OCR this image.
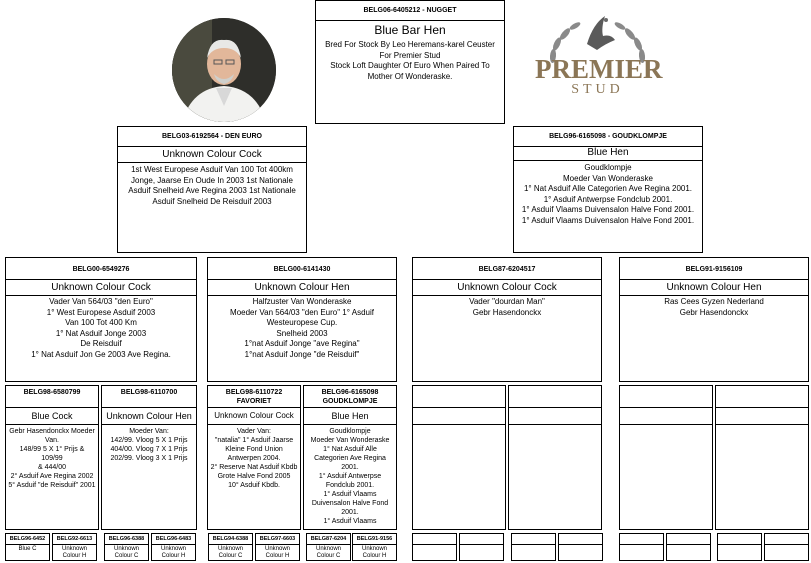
PREMIER
STUD
BELG06-6405212 - NUGGET
Blue Bar Hen
Bred For Stock By Leo Heremans-karel Ceuster
For Premier Stud
Stock Loft Daughter Of Euro When Paired To
Mother Of Wonderaske.
BELG03-6192564 - DEN EURO
Unknown Colour Cock
1st West Europese Asduif Van 100 Tot 400km
Jonge, Jaarse En Oude In 2003 1st Nationale
Asduif Snelheid Ave Regina 2003 1st Nationale
Asduif Snelheid De Reisduif 2003
BELG96-6165098 - GOUDKLOMPJE
Blue Hen
Goudklompje
Moeder Van Wonderaske
1° Nat Asduif Alle Categorien Ave Regina 2001.
1° Asduif Antwerpse Fondclub 2001.
1° Asduif Vlaams Duivensalon Halve Fond 2001.
1° Asduif Vlaams Duivensalon Halve Fond 2001.
BELG00-6549276
Unknown Colour Cock
Vader Van 564/03 "den Euro"
1° West Europese Asduif 2003
Van 100 Tot 400 Km
1° Nat Asduif Jonge 2003
De Reisduif
1° Nat Asduif Jon Ge 2003 Ave Regina.
BELG00-6141430
Unknown Colour Hen
Halfzuster Van Wonderaske
Moeder Van 564/03 "den Euro" 1° Asduif
Westeuropese Cup.
Snelheid 2003
1°nat Asduif Jonge "ave Regina"
1°nat Asduif Jonge "de Reisduif"
BELG87-6204517
Unknown Colour Cock
Vader "dourdan Man"
Gebr Hasendonckx
BELG91-9156109
Unknown Colour Hen
Ras Cees Gyzen Nederland
Gebr Hasendonckx
BELG98-6580799
Blue Cock
Gebr Hasendonckx Moeder
Van.
148/99 5 X 1° Prijs & 109/99
& 444/00
2° Asduif Ave Regina 2002
5° Asduif "de Reisduif" 2001
BELG98-6110700
Unknown Colour Hen
Moeder Van:
142/99. Vloog 5 X 1 Prijs
404/00. Vloog 7 X 1 Prijs
202/99. Vloog 3 X 1 Prijs
BELG98-6110722
FAVORIET
Unknown Colour Cock
Vader Van:
"natalia" 1° Asduif Jaarse
Kleine Fond Union
Antwerpen 2004.
2° Reserve Nat Asduif Kbdb
Grote Halve Fond 2005
10° Asduif Kbdb.
BELG96-6165098
GOUDKLOMPJE
Blue Hen
Goudklompje
Moeder Van Wonderaske
1° Nat Asduif Alle
Categorien Ave Regina
2001.
1° Asduif Antwerpse
Fondclub 2001.
1° Asduif Vlaams
Duivensalon Halve Fond
2001.
1° Asduif Vlaams
BELG96-6452
Blue C
BELG92-6613
Unknown
Colour H
BELG96-6388
Unknown
Colour C
BELG96-6483
Unknown
Colour H
BELG94-6388
Unknown
Colour C
BELG97-6603
Unknown
Colour H
BELG87-6204
Unknown
Colour C
BELG91-9156
Unknown
Colour H
